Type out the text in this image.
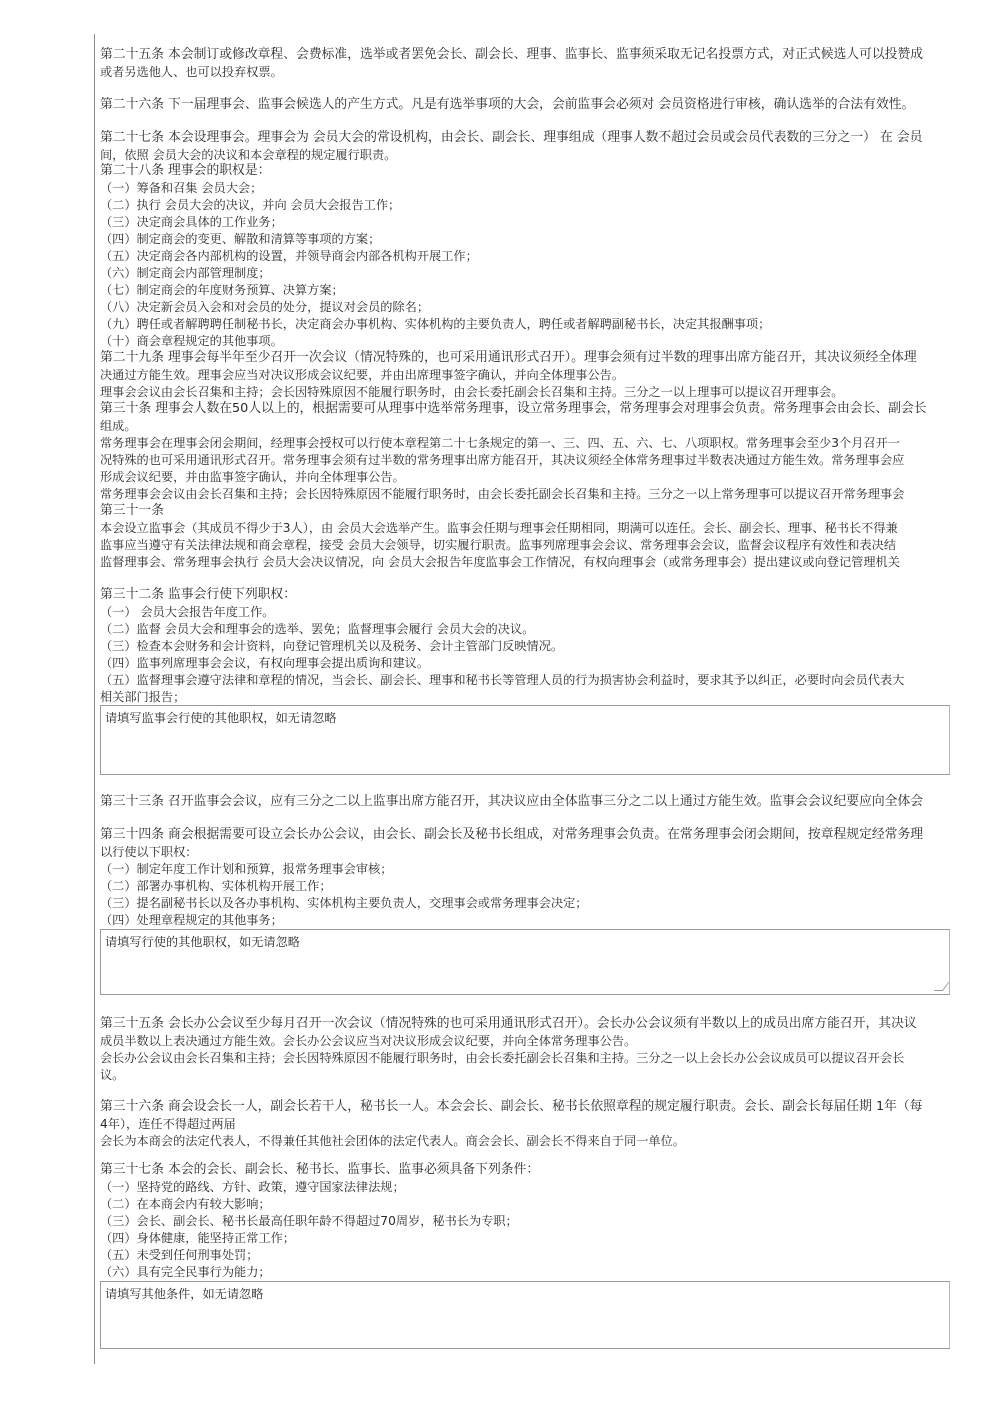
第二十五条 本会制订或修改章程、会费标准，选举或者罢免会长、副会长、理事、监事长、监事须采取无记名投票方式，对正式候选人可以投赞成
或者另选他人、也可以投弃权票。
第二十六条 下一届理事会、监事会候选人的产生方式。凡是有选举事项的大会，会前监事会必须对 会员资格进行审核，确认选举的合法有效性。
第二十七条 本会设理事会。理事会为 会员大会的常设机构，由会长、副会长、理事组成（理事人数不超过会员或会员代表数的三分之一） 在 会员
间，依照 会员大会的决议和本会章程的规定履行职责。
第二十八条 理事会的职权是：
（一）筹备和召集 会员大会；
（二）执行 会员大会的决议，并向 会员大会报告工作；
（三）决定商会具体的工作业务；
（四）制定商会的变更、解散和清算等事项的方案；
（五）决定商会各内部机构的设置，并领导商会内部各机构开展工作；
（六）制定商会内部管理制度；
（七）制定商会的年度财务预算、决算方案；
（八）决定新会员入会和对会员的处分，提议对会员的除名；
（九）聘任或者解聘聘任制秘书长，决定商会办事机构、实体机构的主要负责人，聘任或者解聘副秘书长，决定其报酬事项；
（十）商会章程规定的其他事项。
第二十九条 理事会每半年至少召开一次会议（情况特殊的，也可采用通讯形式召开）。理事会须有过半数的理事出席方能召开，其决议须经全体理
决通过方能生效。理事会应当对决议形成会议纪要，并由出席理事签字确认，并向全体理事公告。
理事会会议由会长召集和主持；会长因特殊原因不能履行职务时，由会长委托副会长召集和主持。三分之一以上理事可以提议召开理事会。
第三十条 理事会人数在50人以上的，根据需要可从理事中选举常务理事，设立常务理事会，常务理事会对理事会负责。常务理事会由会长、副会长
组成。
常务理事会在理事会闭会期间，经理事会授权可以行使本章程第二十七条规定的第一、三、四、五、六、七、八项职权。常务理事会至少3个月召开一
况特殊的也可采用通讯形式召开。常务理事会须有过半数的常务理事出席方能召开，其决议须经全体常务理事过半数表决通过方能生效。常务理事会应
形成会议纪要，并由监事签字确认，并向全体理事公告。
常务理事会会议由会长召集和主持；会长因特殊原因不能履行职务时，由会长委托副会长召集和主持。三分之一以上常务理事可以提议召开常务理事会
第三十一条
本会设立监事会（其成员不得少于3人），由 会员大会选举产生。监事会任期与理事会任期相同，期满可以连任。会长、副会长、理事、秘书长不得兼
监事应当遵守有关法律法规和商会章程，接受 会员大会领导，切实履行职责。监事列席理事会会议、常务理事会会议，监督会议程序有效性和表决结
监督理事会、常务理事会执行 会员大会决议情况，向 会员大会报告年度监事会工作情况，有权向理事会（或常务理事会）提出建议或向登记管理机关
第三十二条 监事会行使下列职权：
（一） 会员大会报告年度工作。
（二）监督 会员大会和理事会的选举、罢免；监督理事会履行 会员大会的决议。
（三）检查本会财务和会计资料，向登记管理机关以及税务、会计主管部门反映情况。
（四）监事列席理事会会议，有权向理事会提出质询和建议。
（五）监督理事会遵守法律和章程的情况，当会长、副会长、理事和秘书长等管理人员的行为损害协会利益时，要求其予以纠正，必要时向会员代表大
相关部门报告；
请填写监事会行使的其他职权，如无请忽略
第三十三条 召开监事会会议，应有三分之二以上监事出席方能召开，其决议应由全体监事三分之二以上通过方能生效。监事会会议纪要应向全体会
第三十四条 商会根据需要可设立会长办公会议，由会长、副会长及秘书长组成，对常务理事会负责。在常务理事会闭会期间，按章程规定经常务理
以行使以下职权：
（一）制定年度工作计划和预算，报常务理事会审核；
（二）部署办事机构、实体机构开展工作；
（三）提名副秘书长以及各办事机构、实体机构主要负责人，交理事会或常务理事会决定；
（四）处理章程规定的其他事务；
请填写行使的其他职权，如无请忽略
第三十五条 会长办公会议至少每月召开一次会议（情况特殊的也可采用通讯形式召开）。会长办公会议须有半数以上的成员出席方能召开，其决议
成员半数以上表决通过方能生效。会长办公会议应当对决议形成会议纪要，并向全体常务理事公告。
会长办公会议由会长召集和主持；会长因特殊原因不能履行职务时，由会长委托副会长召集和主持。三分之一以上会长办公会议成员可以提议召开会长
议。
第三十六条 商会设会长一人，副会长若干人，秘书长一人。本会会长、副会长、秘书长依照章程的规定履行职责。会长、副会长每届任期 1年（每
4年），连任不得超过两届
会长为本商会的法定代表人，不得兼任其他社会团体的法定代表人。商会会长、副会长不得来自于同一单位。
第三十七条 本会的会长、副会长、秘书长、监事长、监事必须具备下列条件：
（一）坚持党的路线、方针、政策，遵守国家法律法规；
（二）在本商会内有较大影响；
（三）会长、副会长、秘书长最高任职年龄不得超过70周岁，秘书长为专职；
（四）身体健康，能坚持正常工作；
（五）未受到任何刑事处罚；
（六）具有完全民事行为能力；
请填写其他条件，如无请忽略
